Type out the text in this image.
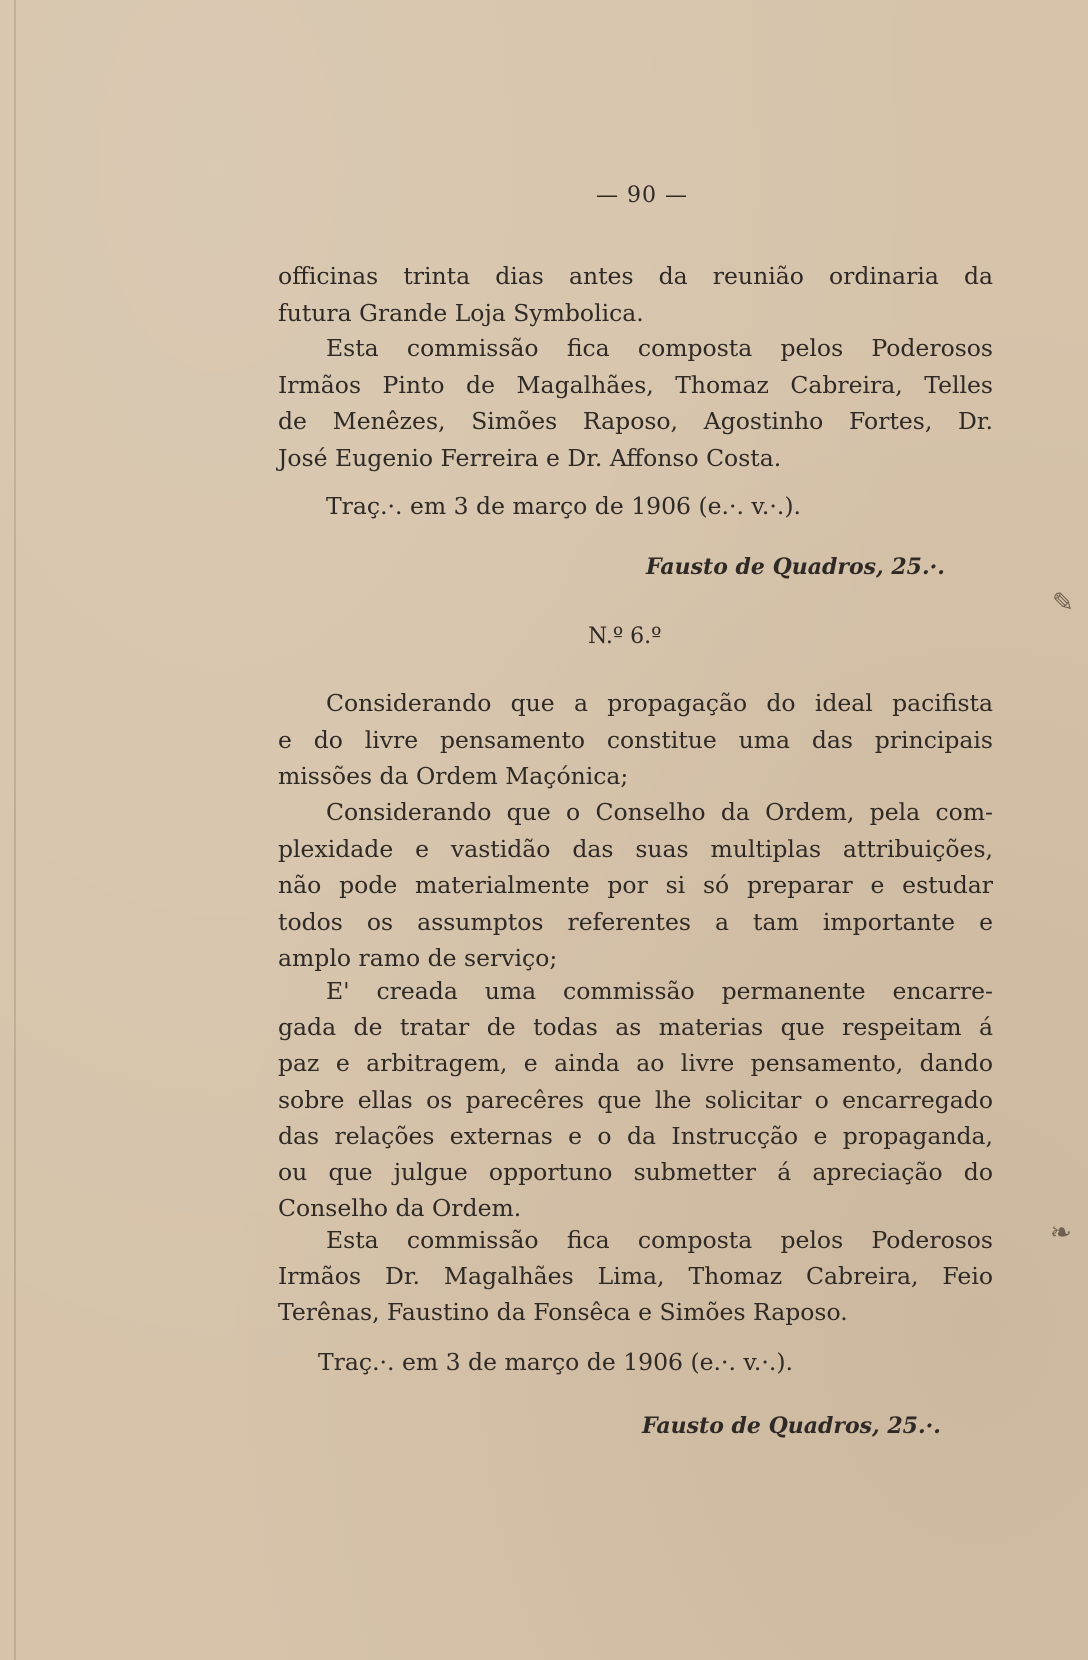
— 90 —
officinas trinta dias antes da reunião ordinaria da
futura Grande Loja Symbolica.
Esta commissão fica composta pelos Poderosos
Irmãos Pinto de Magalhães, Thomaz Cabreira, Telles
de Menêzes, Simões Raposo, Agostinho Fortes, Dr.
José Eugenio Ferreira e Dr. Affonso Costa.
Traç.·. em 3 de março de 1906 (e.·. v.·.).
Fausto de Quadros, 25.·.
N.º 6.º
Considerando que a propagação do ideal pacifista
e do livre pensamento constitue uma das principais
missões da Ordem Maçónica;
Considerando que o Conselho da Ordem, pela com-
plexidade e vastidão das suas multiplas attribuições,
não pode materialmente por si só preparar e estudar
todos os assumptos referentes a tam importante e
amplo ramo de serviço;
E' creada uma commissão permanente encarre-
gada de tratar de todas as materias que respeitam á
paz e arbitragem, e ainda ao livre pensamento, dando
sobre ellas os parecêres que lhe solicitar o encarregado
das relações externas e o da Instrucção e propaganda,
ou que julgue opportuno submetter á apreciação do
Conselho da Ordem.
Esta commissão fica composta pelos Poderosos
Irmãos Dr. Magalhães Lima, Thomaz Cabreira, Feio
Terênas, Faustino da Fonsêca e Simões Raposo.
Traç.·. em 3 de março de 1906 (e.·. v.·.).
Fausto de Quadros, 25.·.
✎
❧
